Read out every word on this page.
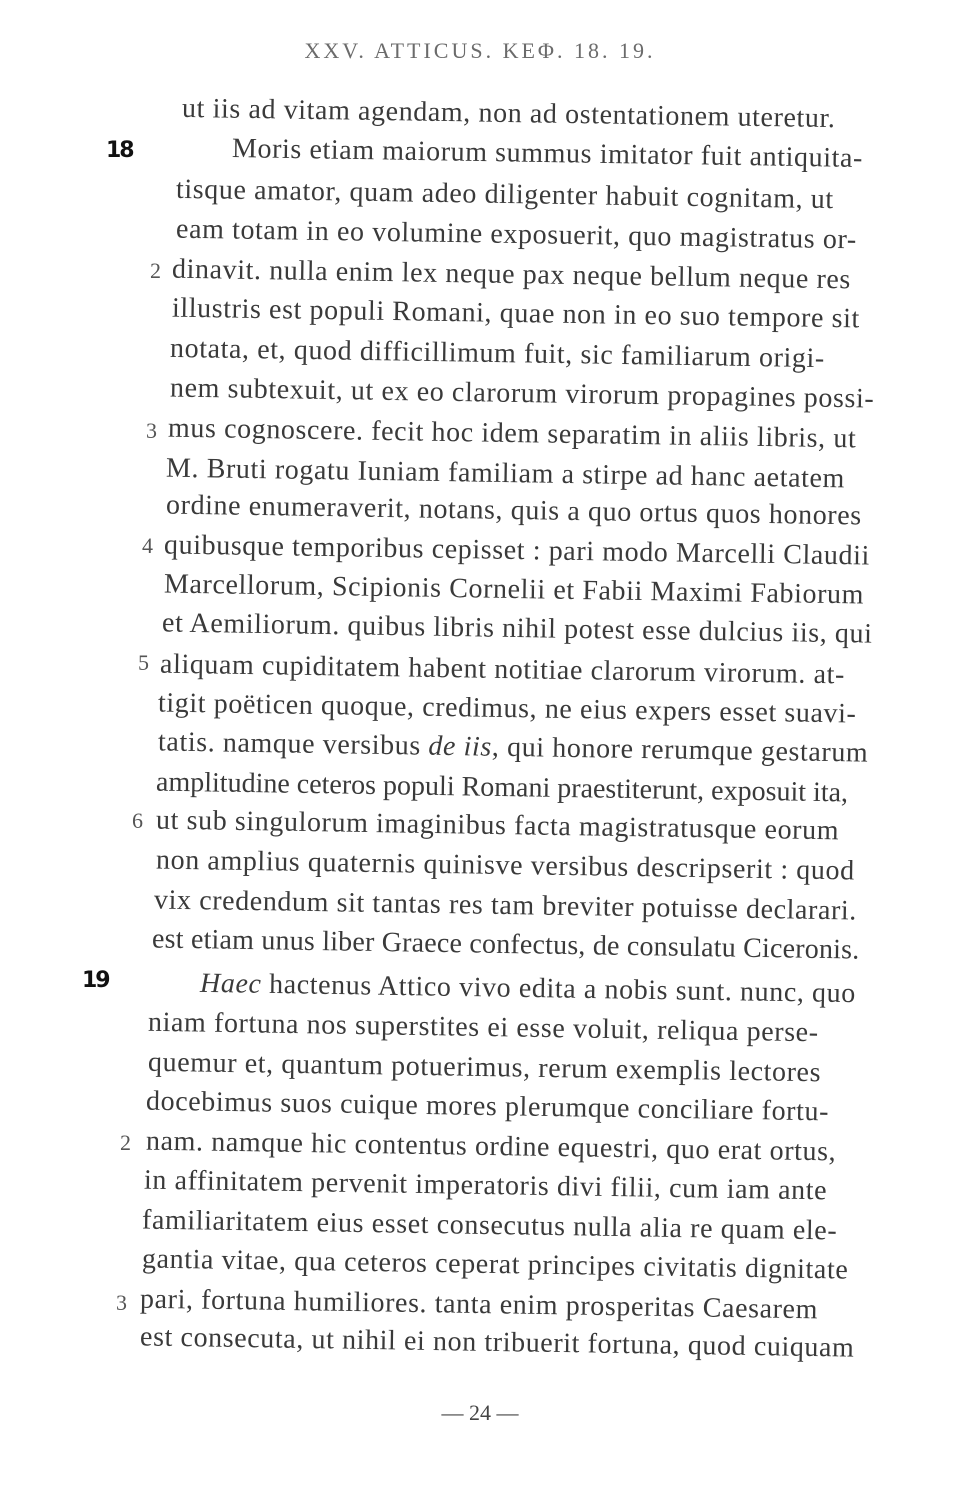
XXV. ATTICUS. ΚΕΦ. 18. 19.
18
19
2
3
4
5
6
2
3
ut iis ad vitam agendam, non ad ostentationem uteretur.
Moris etiam maiorum summus imitator fuit antiquita-
tisque amator, quam adeo diligenter habuit cognitam, ut
eam totam in eo volumine exposuerit, quo magistratus or-
dinavit. nulla enim lex neque pax neque bellum neque res
illustris est populi Romani, quae non in eo suo tempore sit
notata, et, quod difficillimum fuit, sic familiarum origi-
nem subtexuit, ut ex eo clarorum virorum propagines possi-
mus cognoscere. fecit hoc idem separatim in aliis libris, ut
M. Bruti rogatu Iuniam familiam a stirpe ad hanc aetatem
ordine enumeraverit, notans, quis a quo ortus quos honores
quibusque temporibus cepisset : pari modo Marcelli Claudii
Marcellorum, Scipionis Cornelii et Fabii Maximi Fabiorum
et Aemiliorum. quibus libris nihil potest esse dulcius iis, qui
aliquam cupiditatem habent notitiae clarorum virorum. at-
tigit poëticen quoque, credimus, ne eius expers esset suavi-
tatis. namque versibus de iis, qui honore rerumque gestarum
amplitudine ceteros populi Romani praestiterunt, exposuit ita,
ut sub singulorum imaginibus facta magistratusque eorum
non amplius quaternis quinisve versibus descripserit : quod
vix credendum sit tantas res tam breviter potuisse declarari.
est etiam unus liber Graece confectus, de consulatu Ciceronis.
Haec hactenus Attico vivo edita a nobis sunt. nunc, quo
niam fortuna nos superstites ei esse voluit, reliqua perse-
quemur et, quantum potuerimus, rerum exemplis lectores
docebimus suos cuique mores plerumque conciliare fortu-
nam. namque hic contentus ordine equestri, quo erat ortus,
in affinitatem pervenit imperatoris divi filii, cum iam ante
familiaritatem eius esset consecutus nulla alia re quam ele-
gantia vitae, qua ceteros ceperat principes civitatis dignitate
pari, fortuna humiliores. tanta enim prosperitas Caesarem
est consecuta, ut nihil ei non tribuerit fortuna, quod cuiquam
— 24 —
